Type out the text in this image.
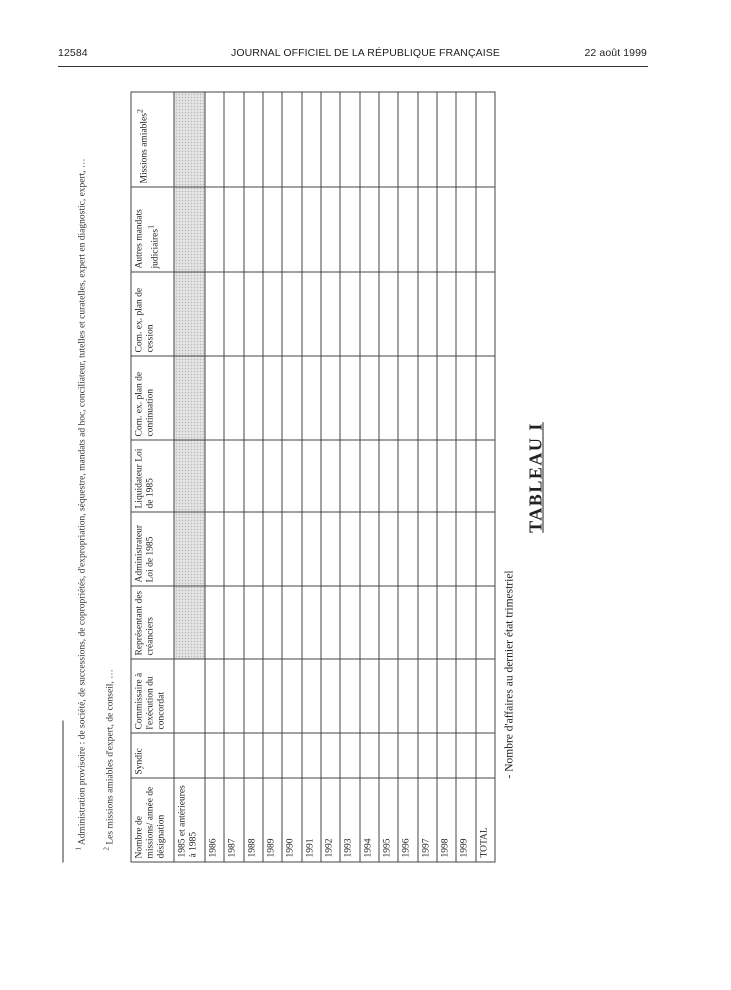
12584	JOURNAL OFFICIEL DE LA RÉPUBLIQUE FRANÇAISE	22 août 1999
TABLEAU I
- Nombre d'affaires au dernier état trimestriel
Nombre de missions/ année de désignation	Syndic	Commissaire à l'exécution du concordat	Représentant des créanciers	Administrateur Loi de 1985	Liquidateur Loi de 1985	Com. ex. plan de continuation	Com. ex. plan de cession	Autres mandats judiciaires$^1$	Missions amiables$^2$
1985 et antérieures à 1985									
1986									
1987									
1988									
1989									
1990									
1991									
1992									
1993									
1994									
1995									
1996									
1997									
1998									
1999									
TOTAL									
$^1$ Administration provisoire : de société, de successions, de copropriétés, d'expropriation, séquestre, mandats ad hoc, conciliateur, tutelles et curatelles, expert en diagnostic, expert, …
$^2$ Les missions amiables d'expert, de conseil, …
